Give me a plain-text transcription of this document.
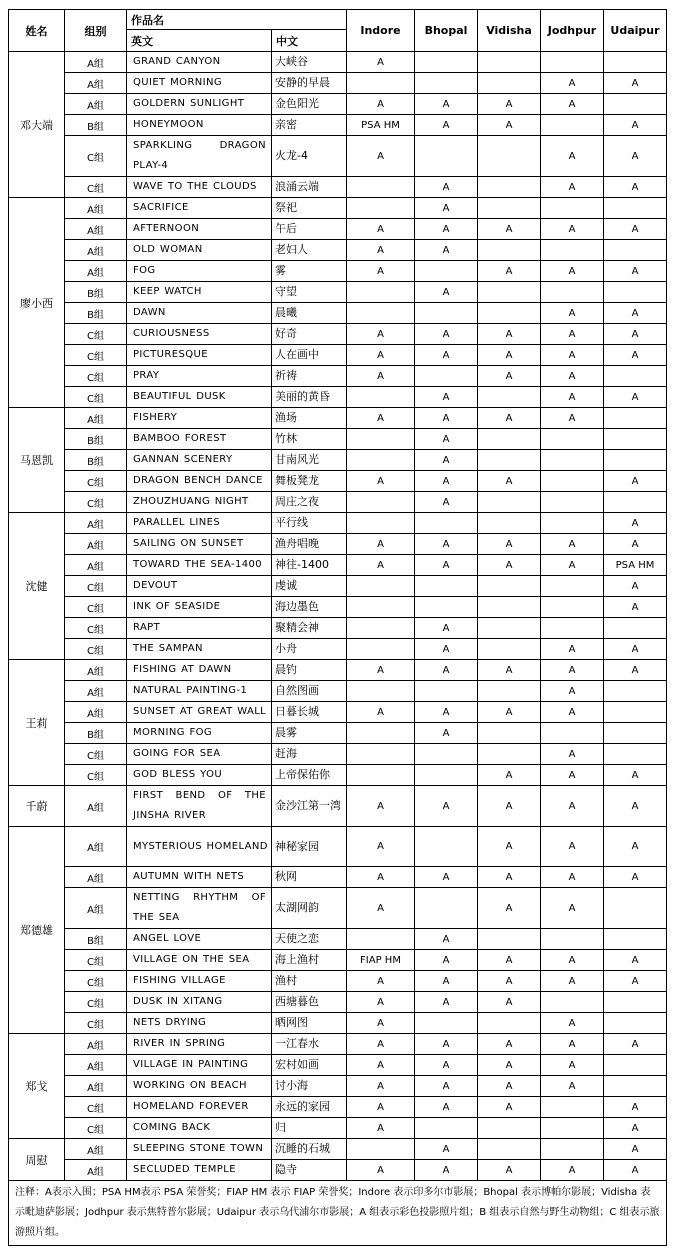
姓名	组别	作品名		Indore	Bhopal	Vidisha	Jodhpur	Udaipur
		英文	中文					
邓大端	A组	GRAND CANYON	大峡谷	A				
	A组	QUIET MORNING	安静的早晨				A	A
	A组	GOLDERN SUNLIGHT	金色阳光	A	A	A	A	
	B组	HONEYMOON	亲密	PSA HM	A	A		A
	C组	SPARKLING DRAGON PLAY-4	火龙-4	A			A	A
	C组	WAVE TO THE CLOUDS	浪涌云端		A		A	A
廖小西	A组	SACRIFICE	祭祀		A			
	A组	AFTERNOON	午后	A	A	A	A	A
	A组	OLD WOMAN	老妇人	A	A			
	A组	FOG	雾	A		A	A	A
	B组	KEEP WATCH	守望		A			
	B组	DAWN	晨曦				A	A
	C组	CURIOUSNESS	好奇	A	A	A	A	A
	C组	PICTURESQUE	人在画中	A	A	A	A	A
	C组	PRAY	祈祷	A		A	A	
	C组	BEAUTIFUL DUSK	美丽的黄昏		A		A	A
马恩凯	A组	FISHERY	渔场	A	A	A	A	
	B组	BAMBOO FOREST	竹林		A			
	B组	GANNAN SCENERY	甘南风光		A			
	C组	DRAGON BENCH DANCE	舞板凳龙	A	A	A		A
	C组	ZHOUZHUANG NIGHT	周庄之夜		A			
沈健	A组	PARALLEL LINES	平行线					A
	A组	SAILING ON SUNSET	渔舟唱晚	A	A	A	A	A
	A组	TOWARD THE SEA-1400	神往-1400	A	A	A	A	PSA HM
	C组	DEVOUT	虔诚					A
	C组	INK OF SEASIDE	海边墨色					A
	C组	RAPT	聚精会神		A			
	C组	THE SAMPAN	小舟		A		A	A
王莉	A组	FISHING AT DAWN	晨钓	A	A	A	A	A
	A组	NATURAL PAINTING-1	自然图画				A	
	A组	SUNSET AT GREAT WALL	日暮长城	A	A	A	A	
	B组	MORNING FOG	晨雾		A			
	C组	GOING FOR SEA	赶海				A	
	C组	GOD BLESS YOU	上帝保佑你			A	A	A
千蔚	A组	FIRST BEND OF THE JINSHA RIVER	金沙江第一湾	A	A	A	A	A
郑德雄	A组	MYSTERIOUS HOMELAND	神秘家园	A		A	A	A
	A组	AUTUMN WITH NETS	秋网	A	A	A	A	A
	A组	NETTING RHYTHM OF THE SEA	太湖网韵	A		A	A	
	B组	ANGEL LOVE	天使之恋		A			
	C组	VILLAGE ON THE SEA	海上渔村	FIAP HM	A	A	A	A
	C组	FISHING VILLAGE	渔村	A	A	A	A	A
	C组	DUSK IN XITANG	西塘暮色	A	A	A		
	C组	NETS DRYING	晒网图	A			A	
郑戈	A组	RIVER IN SPRING	一江春水	A	A	A	A	A
	A组	VILLAGE IN PAINTING	宏村如画	A	A	A	A	
	A组	WORKING ON BEACH	讨小海	A	A	A	A	
	C组	HOMELAND FOREVER	永远的家园	A	A	A		A
	C组	COMING BACK	归	A				A
周慰	A组	SLEEPING STONE TOWN	沉睡的石城		A			A
	A组	SECLUDED TEMPLE	隐寺	A	A	A	A	A
注释：A表示入围；PSA HM表示 PSA 荣誉奖；FIAP HM 表示 FIAP 荣誉奖；Indore 表示印多尔市影展；Bhopal 表示博帕尔影展；Vidisha 表示毗迪萨影展；Jodhpur 表示焦特普尔影展；Udaipur 表示乌代浦尔市影展；A 组表示彩色投影照片组；B 组表示自然与野生动物组；C 组表示旅游照片组。								
